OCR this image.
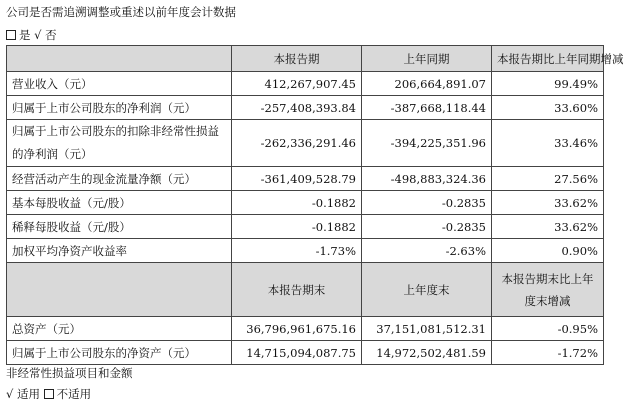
公司是否需追溯调整或重述以前年度会计数据
是 √ 否
	本报告期	上年同期	本报告期比上年同期增减
营业收入（元）	412,267,907.45	206,664,891.07	99.49%
归属于上市公司股东的净利润（元）	-257,408,393.84	-387,668,118.44	33.60%
归属于上市公司股东的扣除非经常性损益的净利润（元）	-262,336,291.46	-394,225,351.96	33.46%
经营活动产生的现金流量净额（元）	-361,409,528.79	-498,883,324.36	27.56%
基本每股收益（元/股）	-0.1882	-0.2835	33.62%
稀释每股收益（元/股）	-0.1882	-0.2835	33.62%
加权平均净资产收益率	-1.73%	-2.63%	0.90%
	本报告期末	上年度末	本报告期末比上年度末增减
总资产（元）	36,796,961,675.16	37,151,081,512.31	-0.95%
归属于上市公司股东的净资产（元）	14,715,094,087.75	14,972,502,481.59	-1.72%
非经常性损益项目和金额
√ 适用 不适用
